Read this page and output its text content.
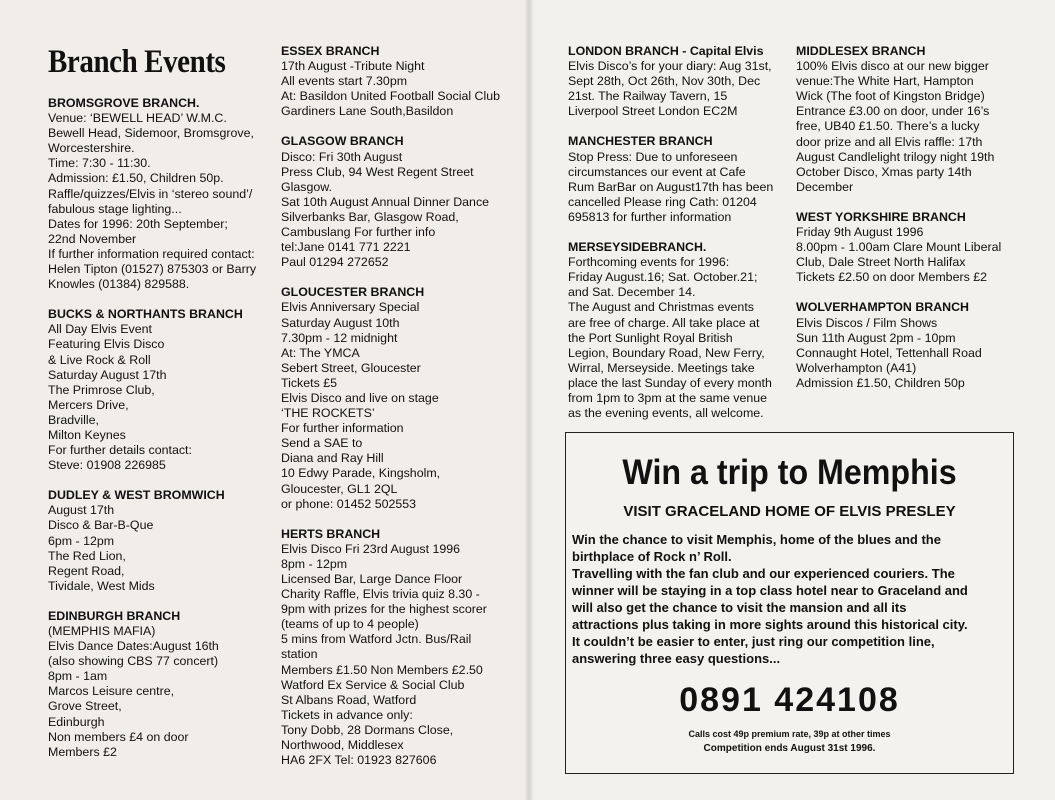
Branch Events
BROMSGROVE BRANCH.
Venue: ‘BEWELL HEAD’ W.M.C.
Bewell Head, Sidemoor, Bromsgrove,
Worcestershire.
Time: 7:30 - 11:30.
Admission: £1.50, Children 50p.
Raffle/quizzes/Elvis in ‘stereo sound’/
fabulous stage lighting...
Dates for 1996: 20th September;
22nd November
If further information required contact:
Helen Tipton (01527) 875303 or Barry
Knowles (01384) 829588.
BUCKS & NORTHANTS BRANCH
All Day Elvis Event
Featuring Elvis Disco
& Live Rock & Roll
Saturday August 17th
The Primrose Club,
Mercers Drive,
Bradville,
Milton Keynes
For further details contact:
Steve: 01908 226985
DUDLEY & WEST BROMWICH
August 17th
Disco & Bar-B-Que
6pm - 12pm
The Red Lion,
Regent Road,
Tividale, West Mids
EDINBURGH BRANCH
(MEMPHIS MAFIA)
Elvis Dance Dates:August 16th
(also showing CBS 77 concert)
8pm - 1am
Marcos Leisure centre,
Grove Street,
Edinburgh
Non members £4 on door
Members £2
ESSEX BRANCH
17th August -Tribute Night
All events start 7.30pm
At: Basildon United Football Social Club
Gardiners Lane South,Basildon
GLASGOW BRANCH
Disco: Fri 30th August
Press Club, 94 West Regent Street
Glasgow.
Sat 10th August Annual Dinner Dance
Silverbanks Bar, Glasgow Road,
Cambuslang For further info
tel:Jane 0141 771 2221
Paul 01294 272652
GLOUCESTER BRANCH
Elvis Anniversary Special
Saturday August 10th
7.30pm - 12 midnight
At: The YMCA
Sebert Street, Gloucester
Tickets £5
Elvis Disco and live on stage
‘THE ROCKETS’
For further information
Send a SAE to
Diana and Ray Hill
10 Edwy Parade, Kingsholm,
Gloucester, GL1 2QL
or phone: 01452 502553
HERTS BRANCH
Elvis Disco Fri 23rd August 1996
8pm - 12pm
Licensed Bar, Large Dance Floor
Charity Raffle, Elvis trivia quiz 8.30 -
9pm with prizes for the highest scorer
(teams of up to 4 people)
5 mins from Watford Jctn. Bus/Rail
station
Members £1.50 Non Members £2.50
Watford Ex Service & Social Club
St Albans Road, Watford
Tickets in advance only:
Tony Dobb, 28 Dormans Close,
Northwood, Middlesex
HA6 2FX Tel: 01923 827606
LONDON BRANCH - Capital Elvis
Elvis Disco’s for your diary: Aug 31st,
Sept 28th, Oct 26th, Nov 30th, Dec
21st. The Railway Tavern, 15
Liverpool Street London EC2M
MANCHESTER BRANCH
Stop Press: Due to unforeseen
circumstances our event at Cafe
Rum BarBar on August17th has been
cancelled Please ring Cath: 01204
695813 for further information
MERSEYSIDEBRANCH.
Forthcoming events for 1996:
Friday August.16; Sat. October.21;
and Sat. December 14.
The August and Christmas events
are free of charge. All take place at
the Port Sunlight Royal British
Legion, Boundary Road, New Ferry,
Wirral, Merseyside. Meetings take
place the last Sunday of every month
from 1pm to 3pm at the same venue
as the evening events, all welcome.
MIDDLESEX BRANCH
100% Elvis disco at our new bigger
venue:The White Hart, Hampton
Wick (The foot of Kingston Bridge)
Entrance £3.00 on door, under 16’s
free, UB40 £1.50. There’s a lucky
door prize and all Elvis raffle: 17th
August Candlelight trilogy night 19th
October Disco, Xmas party 14th
December
WEST YORKSHIRE BRANCH
Friday 9th August 1996
8.00pm - 1.00am Clare Mount Liberal
Club, Dale Street North Halifax
Tickets £2.50 on door Members £2
WOLVERHAMPTON BRANCH
Elvis Discos / Film Shows
Sun 11th August 2pm - 10pm
Connaught Hotel, Tettenhall Road
Wolverhampton (A41)
Admission £1.50, Children 50p
Win a trip to Memphis
VISIT GRACELAND HOME OF ELVIS PRESLEY
Win the chance to visit Memphis, home of the blues and the
birthplace of Rock n’ Roll.
Travelling with the fan club and our experienced couriers. The
winner will be staying in a top class hotel near to Graceland and
will also get the chance to visit the mansion and all its
attractions plus taking in more sights around this historical city.
It couldn’t be easier to enter, just ring our competition line,
answering three easy questions...
0891 424108
Calls cost 49p premium rate, 39p at other times
Competition ends August 31st 1996.
